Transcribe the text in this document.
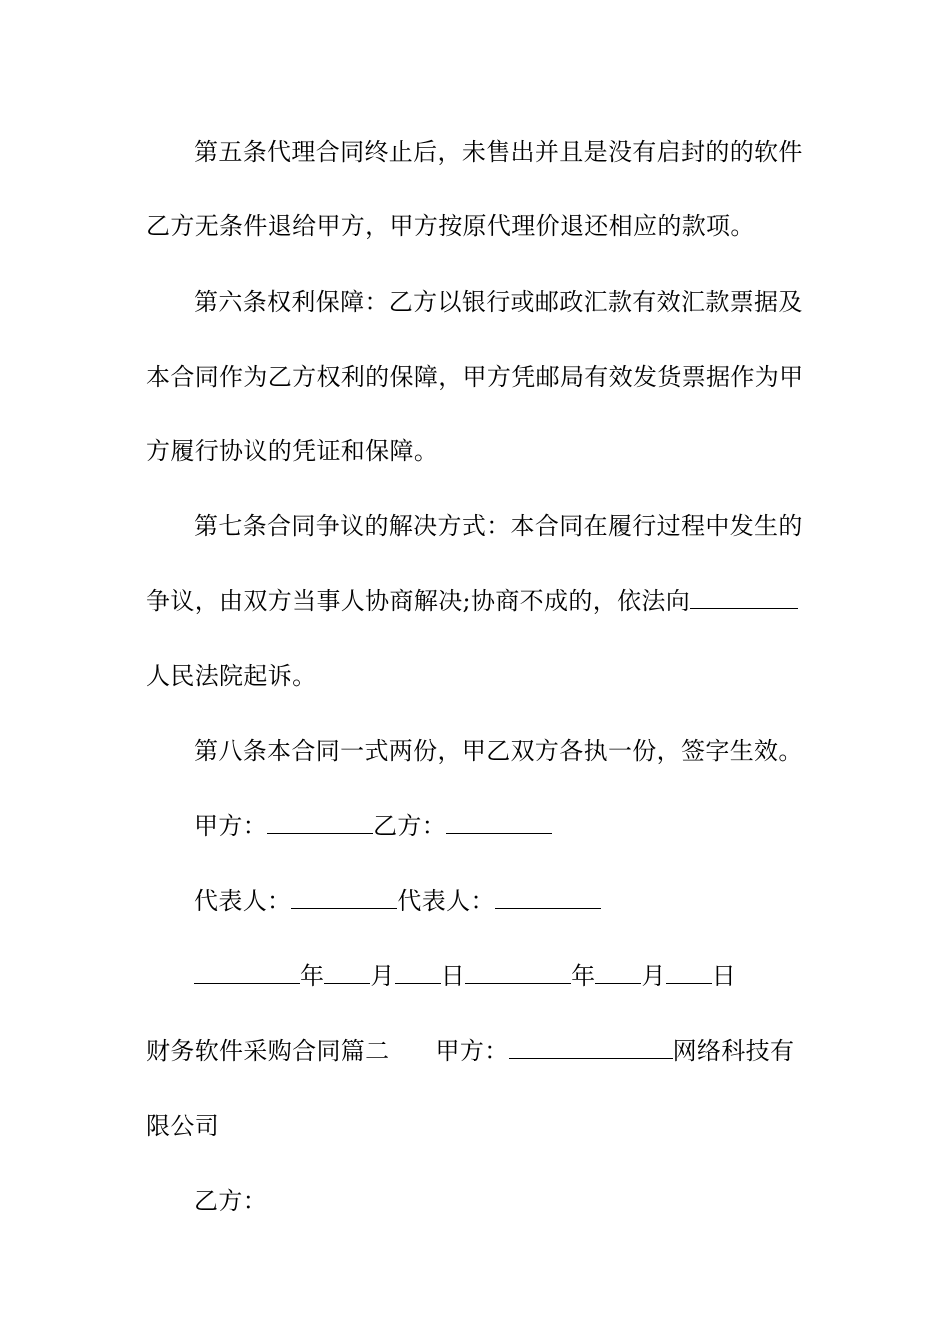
第五条代理合同终止后，未售出并且是没有启封的的软件
乙方无条件退给甲方，甲方按原代理价退还相应的款项。
第六条权利保障：乙方以银行或邮政汇款有效汇款票据及
本合同作为乙方权利的保障，甲方凭邮局有效发货票据作为甲
方履行协议的凭证和保障。
第七条合同争议的解决方式：本合同在履行过程中发生的
争议，由双方当事人协商解决;协商不成的，依法向
人民法院起诉。
第八条本合同一式两份，甲乙双方各执一份，签字生效。
甲方：	乙方：
代表人：	代表人：
年 月 日	年 月 日
财务软件采购合同篇二 甲方：	网络科技有
限公司
乙方：
